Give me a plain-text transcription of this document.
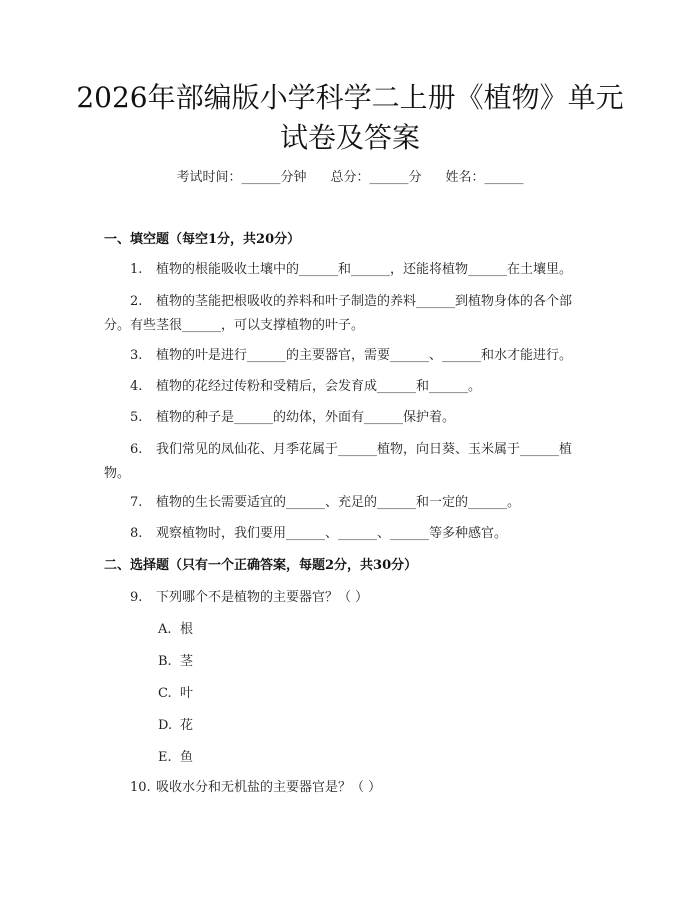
2026年部编版小学科学二上册《植物》单元
试卷及答案
考试时间：______分钟 总分：______分 姓名：______
一、填空题（每空1分，共20分）
1. 植物的根能吸收土壤中的______和______，还能将植物______在土壤里。
2. 植物的茎能把根吸收的养料和叶子制造的养料______到植物身体的各个部
分。有些茎很______，可以支撑植物的叶子。
3. 植物的叶是进行______的主要器官，需要______、______和水才能进行。
4. 植物的花经过传粉和受精后，会发育成______和______。
5. 植物的种子是______的幼体，外面有______保护着。
6. 我们常见的凤仙花、月季花属于______植物，向日葵、玉米属于______植
物。
7. 植物的生长需要适宜的______、充足的______和一定的______。
8. 观察植物时，我们要用______、______、______等多种感官。
二、选择题（只有一个正确答案，每题2分，共30分）
9. 下列哪个不是植物的主要器官？（ ）
A. 根
B. 茎
C. 叶
D. 花
E. 鱼
10. 吸收水分和无机盐的主要器官是？（ ）
